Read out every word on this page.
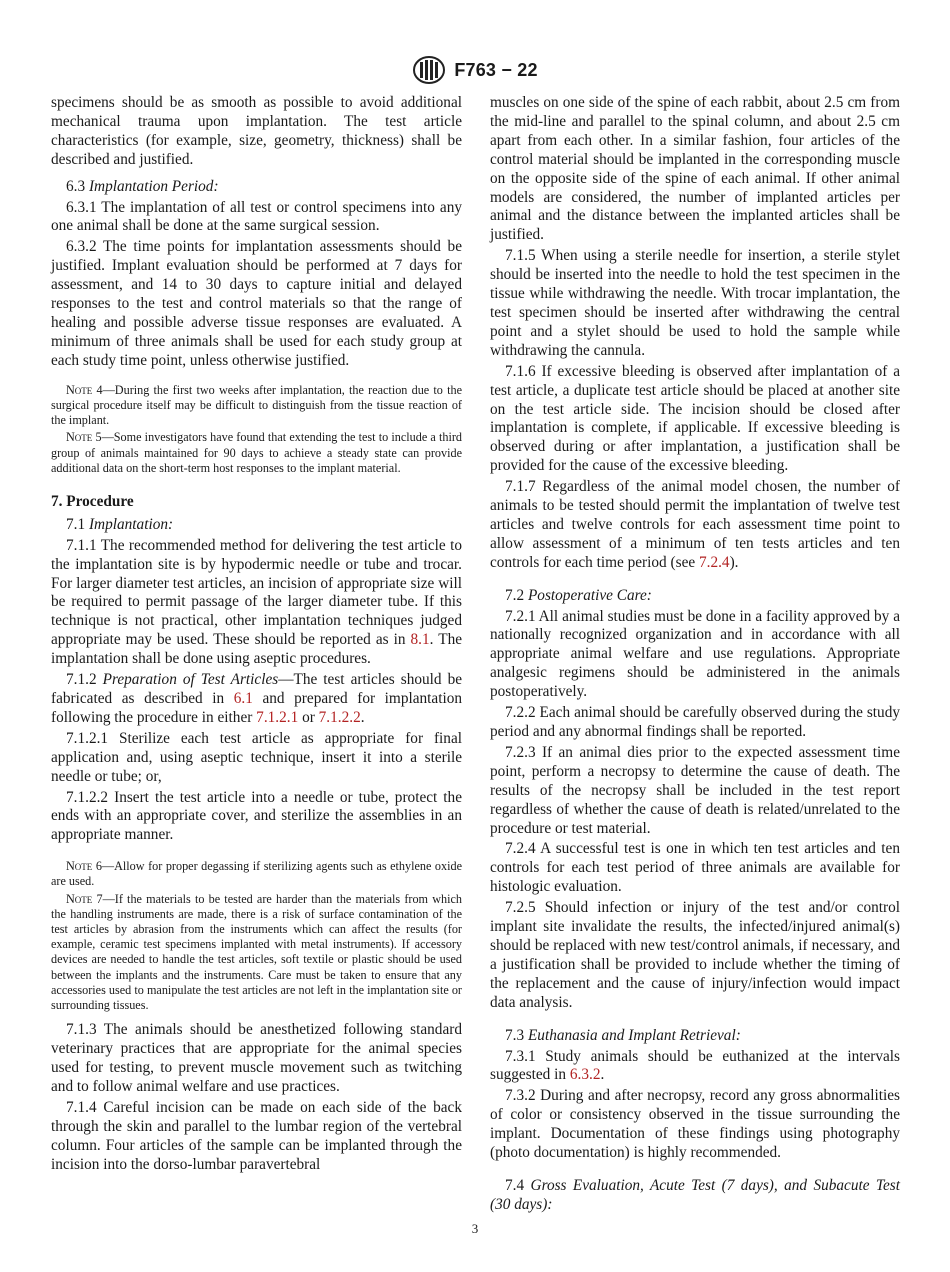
F763 − 22

specimens should be as smooth as possible to avoid additional mechanical trauma upon implantation. The test article characteristics (for example, size, geometry, thickness) shall be described and justified.

6.3 Implantation Period:

6.3.1 The implantation of all test or control specimens into any one animal shall be done at the same surgical session.

6.3.2 The time points for implantation assessments should be justified. Implant evaluation should be performed at 7 days for assessment, and 14 to 30 days to capture initial and delayed responses to the test and control materials so that the range of healing and possible adverse tissue responses are evaluated. A minimum of three animals shall be used for each study group at each study time point, unless otherwise justified.

Note 4—During the first two weeks after implantation, the reaction due to the surgical procedure itself may be difficult to distinguish from the tissue reaction of the implant.

Note 5—Some investigators have found that extending the test to include a third group of animals maintained for 90 days to achieve a steady state can provide additional data on the short-term host responses to the implant material.

7. Procedure

7.1 Implantation:

7.1.1 The recommended method for delivering the test article to the implantation site is by hypodermic needle or tube and trocar. For larger diameter test articles, an incision of appropriate size will be required to permit passage of the larger diameter tube. If this technique is not practical, other implantation techniques judged appropriate may be used. These should be reported as in 8.1. The implantation shall be done using aseptic procedures.

7.1.2 Preparation of Test Articles—The test articles should be fabricated as described in 6.1 and prepared for implantation following the procedure in either 7.1.2.1 or 7.1.2.2.

7.1.2.1 Sterilize each test article as appropriate for final application and, using aseptic technique, insert it into a sterile needle or tube; or,

7.1.2.2 Insert the test article into a needle or tube, protect the ends with an appropriate cover, and sterilize the assemblies in an appropriate manner.

Note 6—Allow for proper degassing if sterilizing agents such as ethylene oxide are used.

Note 7—If the materials to be tested are harder than the materials from which the handling instruments are made, there is a risk of surface contamination of the test articles by abrasion from the instruments which can affect the results (for example, ceramic test specimens implanted with metal instruments). If accessory devices are needed to handle the test articles, soft textile or plastic should be used between the implants and the instruments. Care must be taken to ensure that any accessories used to manipulate the test articles are not left in the implantation site or surrounding tissues.

7.1.3 The animals should be anesthetized following standard veterinary practices that are appropriate for the animal species used for testing, to prevent muscle movement such as twitching and to follow animal welfare and use practices.

7.1.4 Careful incision can be made on each side of the back through the skin and parallel to the lumbar region of the vertebral column. Four articles of the sample can be implanted through the incision into the dorso-lumbar paravertebral

muscles on one side of the spine of each rabbit, about 2.5 cm from the mid-line and parallel to the spinal column, and about 2.5 cm apart from each other. In a similar fashion, four articles of the control material should be implanted in the corresponding muscle on the opposite side of the spine of each animal. If other animal models are considered, the number of implanted articles per animal and the distance between the implanted articles shall be justified.

7.1.5 When using a sterile needle for insertion, a sterile stylet should be inserted into the needle to hold the test specimen in the tissue while withdrawing the needle. With trocar implantation, the test specimen should be inserted after withdrawing the central point and a stylet should be used to hold the sample while withdrawing the cannula.

7.1.6 If excessive bleeding is observed after implantation of a test article, a duplicate test article should be placed at another site on the test article side. The incision should be closed after implantation is complete, if applicable. If excessive bleeding is observed during or after implantation, a justification shall be provided for the cause of the excessive bleeding.

7.1.7 Regardless of the animal model chosen, the number of animals to be tested should permit the implantation of twelve test articles and twelve controls for each assessment time point to allow assessment of a minimum of ten tests articles and ten controls for each time period (see 7.2.4).

7.2 Postoperative Care:

7.2.1 All animal studies must be done in a facility approved by a nationally recognized organization and in accordance with all appropriate animal welfare and use regulations. Appropriate analgesic regimens should be administered in the animals postoperatively.

7.2.2 Each animal should be carefully observed during the study period and any abnormal findings shall be reported.

7.2.3 If an animal dies prior to the expected assessment time point, perform a necropsy to determine the cause of death. The results of the necropsy shall be included in the test report regardless of whether the cause of death is related/unrelated to the procedure or test material.

7.2.4 A successful test is one in which ten test articles and ten controls for each test period of three animals are available for histologic evaluation.

7.2.5 Should infection or injury of the test and/or control implant site invalidate the results, the infected/injured animal(s) should be replaced with new test/control animals, if necessary, and a justification shall be provided to include whether the timing of the replacement and the cause of injury/infection would impact data analysis.

7.3 Euthanasia and Implant Retrieval:

7.3.1 Study animals should be euthanized at the intervals suggested in 6.3.2.

7.3.2 During and after necropsy, record any gross abnormalities of color or consistency observed in the tissue surrounding the implant. Documentation of these findings using photography (photo documentation) is highly recommended.

7.4 Gross Evaluation, Acute Test (7 days), and Subacute Test (30 days):

3
